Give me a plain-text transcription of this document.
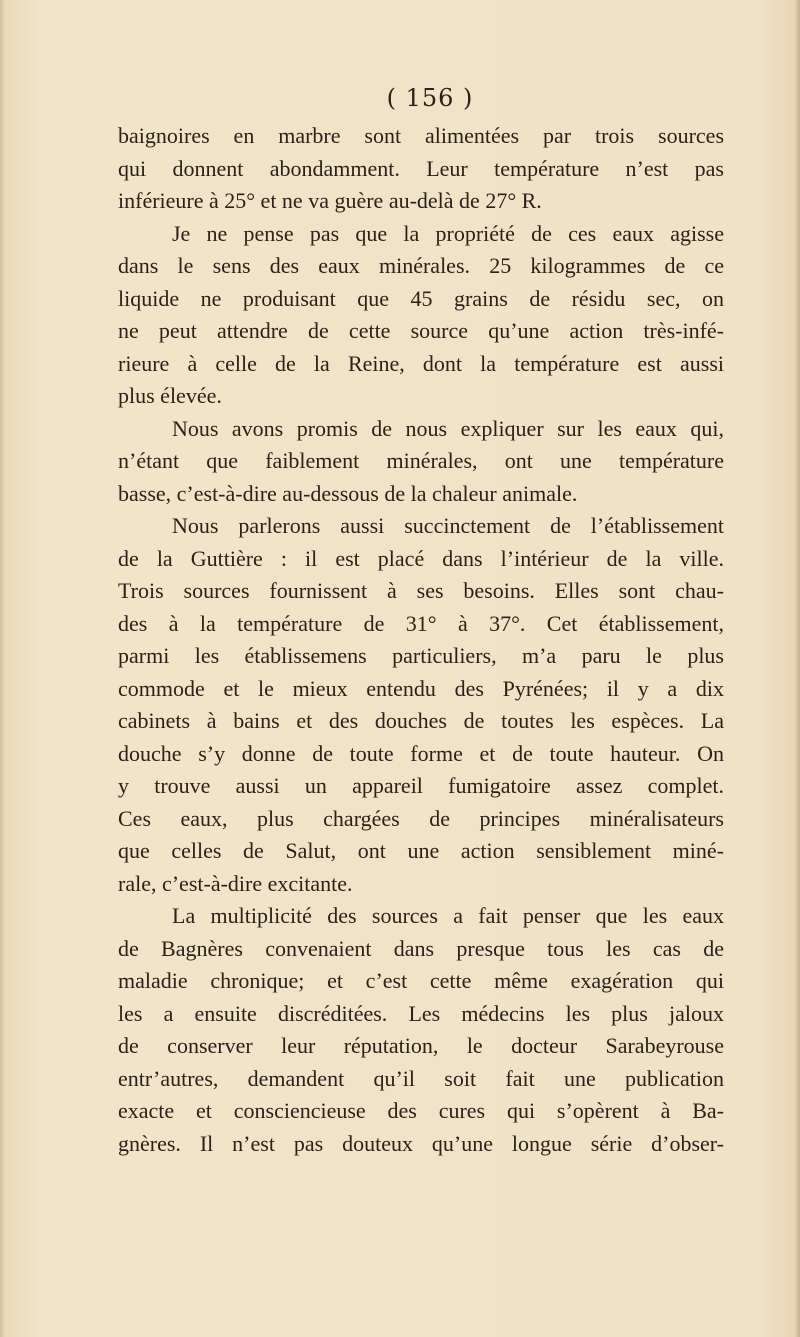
( 156 )
baignoires en marbre sont alimentées par trois sources
qui donnent abondamment. Leur température n’est pas
inférieure à 25° et ne va guère au-delà de 27° R.
Je ne pense pas que la propriété de ces eaux agisse
dans le sens des eaux minérales. 25 kilogrammes de ce
liquide ne produisant que 45 grains de résidu sec, on
ne peut attendre de cette source qu’une action très-infé-
rieure à celle de la Reine, dont la température est aussi
plus élevée.
Nous avons promis de nous expliquer sur les eaux qui,
n’étant que faiblement minérales, ont une température
basse, c’est-à-dire au-dessous de la chaleur animale.
Nous parlerons aussi succinctement de l’établissement
de la Guttière : il est placé dans l’intérieur de la ville.
Trois sources fournissent à ses besoins. Elles sont chau-
des à la température de 31° à 37°. Cet établissement,
parmi les établissemens particuliers, m’a paru le plus
commode et le mieux entendu des Pyrénées; il y a dix
cabinets à bains et des douches de toutes les espèces. La
douche s’y donne de toute forme et de toute hauteur. On
y trouve aussi un appareil fumigatoire assez complet.
Ces eaux, plus chargées de principes minéralisateurs
que celles de Salut, ont une action sensiblement miné-
rale, c’est-à-dire excitante.
La multiplicité des sources a fait penser que les eaux
de Bagnères convenaient dans presque tous les cas de
maladie chronique; et c’est cette même exagération qui
les a ensuite discréditées. Les médecins les plus jaloux
de conserver leur réputation, le docteur Sarabeyrouse
entr’autres, demandent qu’il soit fait une publication
exacte et consciencieuse des cures qui s’opèrent à Ba-
gnères. Il n’est pas douteux qu’une longue série d’obser-
